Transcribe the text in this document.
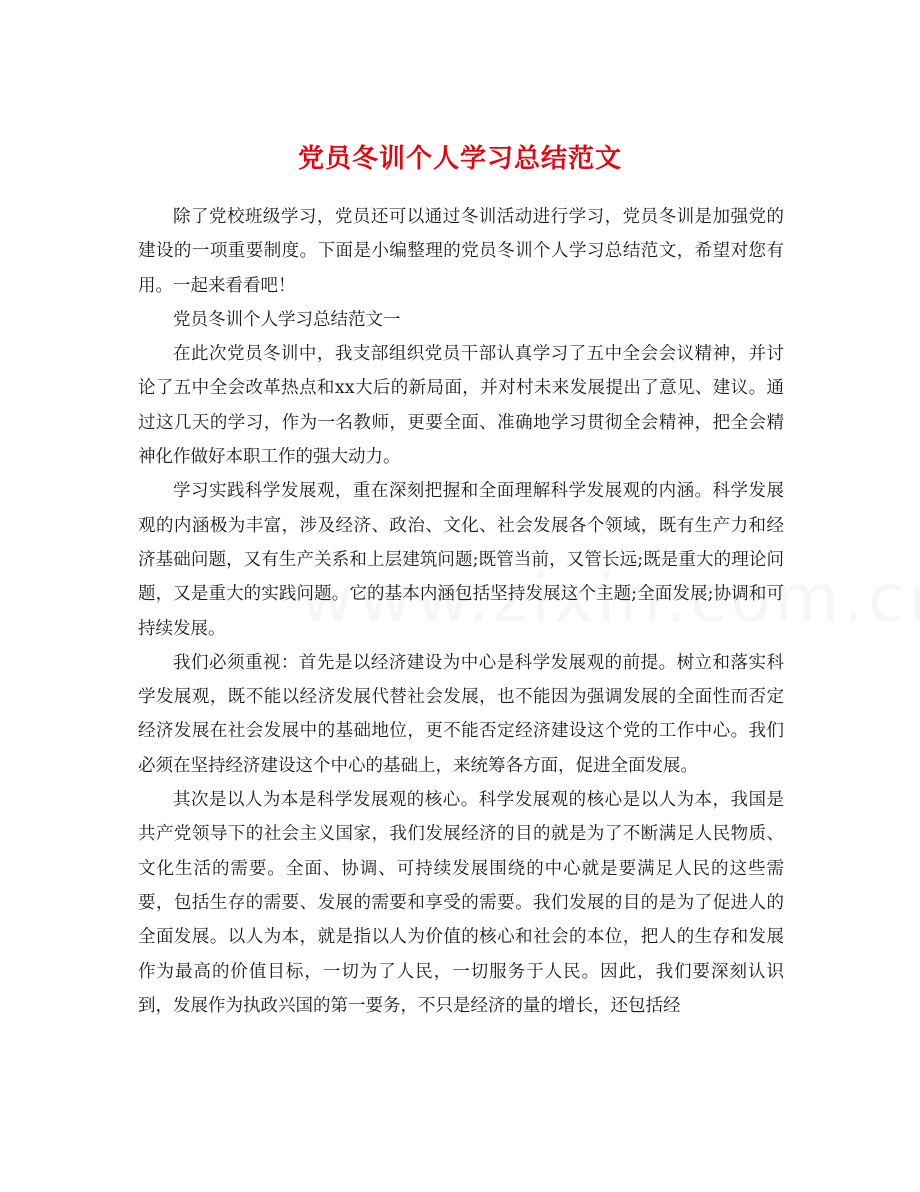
党员冬训个人学习总结范文

除了党校班级学习，党员还可以通过冬训活动进行学习，党员冬训是加强党的建设的一项重要制度。下面是小编整理的党员冬训个人学习总结范文，希望对您有用。一起来看看吧！

党员冬训个人学习总结范文一

在此次党员冬训中，我支部组织党员干部认真学习了五中全会会议精神，并讨论了五中全会改革热点和xx大后的新局面，并对村未来发展提出了意见、建议。通过这几天的学习，作为一名教师，更要全面、准确地学习贯彻全会精神，把全会精神化作做好本职工作的强大动力。

学习实践科学发展观，重在深刻把握和全面理解科学发展观的内涵。科学发展观的内涵极为丰富，涉及经济、政治、文化、社会发展各个领域，既有生产力和经济基础问题，又有生产关系和上层建筑问题;既管当前，又管长远;既是重大的理论问题，又是重大的实践问题。它的基本内涵包括坚持发展这个主题;全面发展;协调和可持续发展。

我们必须重视：首先是以经济建设为中心是科学发展观的前提。树立和落实科学发展观，既不能以经济发展代替社会发展，也不能因为强调发展的全面性而否定经济发展在社会发展中的基础地位，更不能否定经济建设这个党的工作中心。我们必须在坚持经济建设这个中心的基础上，来统筹各方面，促进全面发展。

其次是以人为本是科学发展观的核心。科学发展观的核心是以人为本，我国是共产党领导下的社会主义国家，我们发展经济的目的就是为了不断满足人民物质、文化生活的需要。全面、协调、可持续发展围绕的中心就是要满足人民的这些需要，包括生存的需要、发展的需要和享受的需要。我们发展的目的是为了促进人的全面发展。以人为本，就是指以人为价值的核心和社会的本位，把人的生存和发展作为最高的价值目标，一切为了人民，一切服务于人民。因此，我们要深刻认识到，发展作为执政兴国的第一要务，不只是经济的量的增长，还包括经
